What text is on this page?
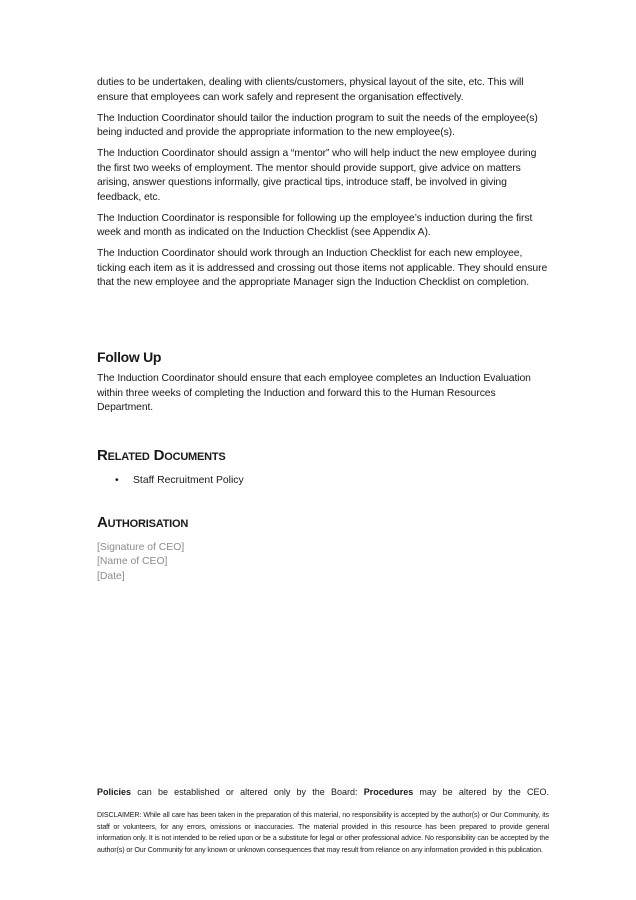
duties to be undertaken, dealing with clients/customers, physical layout of the site, etc. This will ensure that employees can work safely and represent the organisation effectively.

The Induction Coordinator should tailor the induction program to suit the needs of the employee(s) being inducted and provide the appropriate information to the new employee(s).

The Induction Coordinator should assign a “mentor” who will help induct the new employee during the first two weeks of employment. The mentor should provide support, give advice on matters arising, answer questions informally, give practical tips, introduce staff, be involved in giving feedback, etc.

The Induction Coordinator is responsible for following up the employee’s induction during the first week and month as indicated on the Induction Checklist (see Appendix A).

The Induction Coordinator should work through an Induction Checklist for each new employee, ticking each item as it is addressed and crossing out those items not applicable. They should ensure that the new employee and the appropriate Manager sign the Induction Checklist on completion.

Follow Up

The Induction Coordinator should ensure that each employee completes an Induction Evaluation within three weeks of completing the Induction and forward this to the Human Resources Department.

Related Documents
•	Staff Recruitment Policy
Authorisation
[Signature of CEO]
[Name of CEO]
[Date]
Policies can be established or altered only by the Board: Procedures may be altered by the CEO.
DISCLAIMER: While all care has been taken in the preparation of this material, no responsibility is accepted by the author(s) or Our Community, its staff or volunteers, for any errors, omissions or inaccuracies. The material provided in this resource has been prepared to provide general information only. It is not intended to be relied upon or be a substitute for legal or other professional advice. No responsibility can be accepted by the author(s) or Our Community for any known or unknown consequences that may result from reliance on any information provided in this publication.
